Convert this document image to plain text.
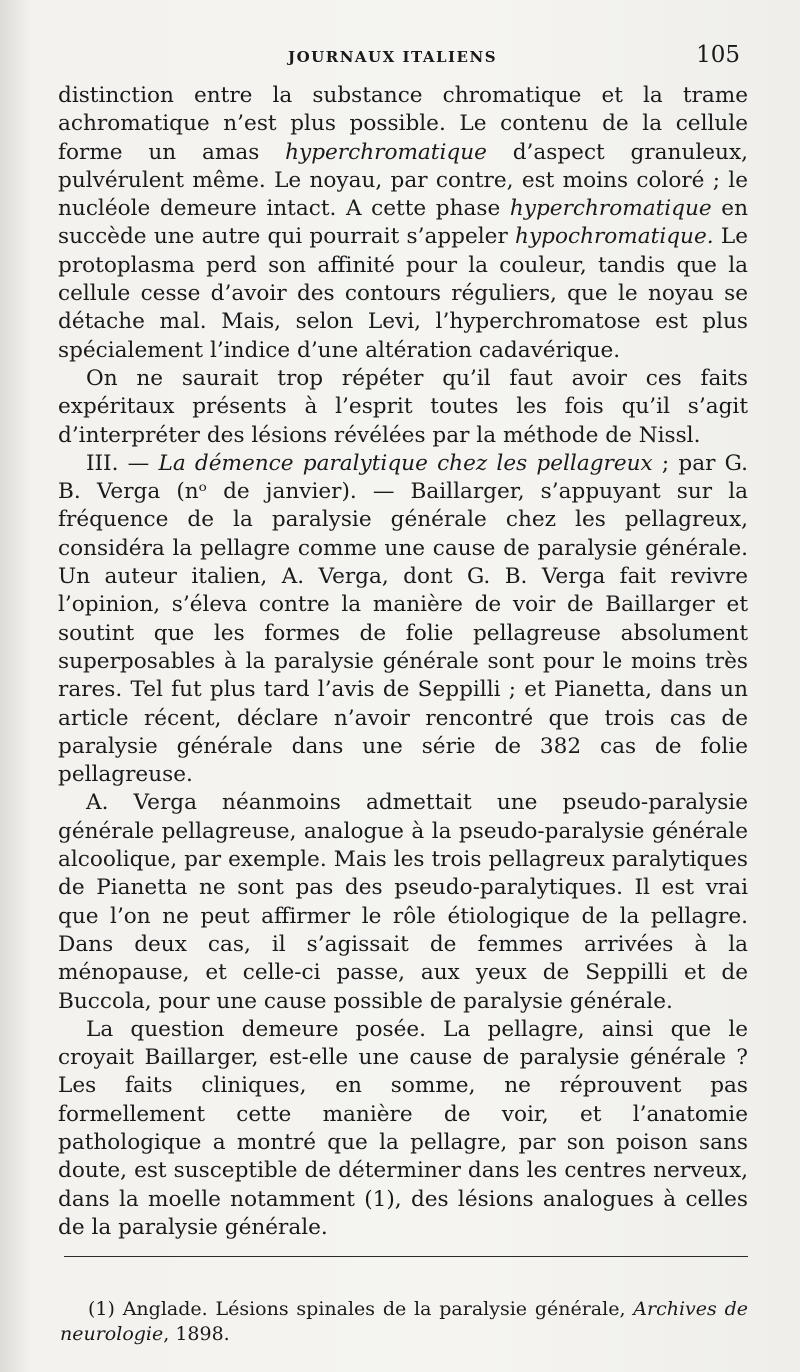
JOURNAUX ITALIENS	105

distinction entre la substance chromatique et la trame achromatique n’est plus possible. Le contenu de la cellule forme un amas hyperchromatique d’aspect granuleux, pulvérulent même. Le noyau, par contre, est moins coloré ; le nucléole demeure intact. A cette phase hyperchromatique en succède une autre qui pourrait s’appeler hypochromatique. Le protoplasma perd son affinité pour la couleur, tandis que la cellule cesse d’avoir des contours réguliers, que le noyau se détache mal. Mais, selon Levi, l’hyperchromatose est plus spécialement l’indice d’une altération cadavérique.

On ne saurait trop répéter qu’il faut avoir ces faits expéritaux présents à l’esprit toutes les fois qu’il s’agit d’interpréter des lésions révélées par la méthode de Nissl.

III. — La démence paralytique chez les pellagreux ; par G. B. Verga (nᵒ de janvier). — Baillarger, s’appuyant sur la fréquence de la paralysie générale chez les pellagreux, considéra la pellagre comme une cause de paralysie générale. Un auteur italien, A. Verga, dont G. B. Verga fait revivre l’opinion, s’éleva contre la manière de voir de Baillarger et soutint que les formes de folie pellagreuse absolument superposables à la paralysie générale sont pour le moins très rares. Tel fut plus tard l’avis de Seppilli ; et Pianetta, dans un article récent, déclare n’avoir rencontré que trois cas de paralysie générale dans une série de 382 cas de folie pellagreuse.

A. Verga néanmoins admettait une pseudo-paralysie générale pellagreuse, analogue à la pseudo-paralysie générale alcoolique, par exemple. Mais les trois pellagreux paralytiques de Pianetta ne sont pas des pseudo-paralytiques. Il est vrai que l’on ne peut affirmer le rôle étiologique de la pellagre. Dans deux cas, il s’agissait de femmes arrivées à la ménopause, et celle-ci passe, aux yeux de Seppilli et de Buccola, pour une cause possible de paralysie générale.

La question demeure posée. La pellagre, ainsi que le croyait Baillarger, est-elle une cause de paralysie générale ? Les faits cliniques, en somme, ne réprouvent pas formellement cette manière de voir, et l’anatomie pathologique a montré que la pellagre, par son poison sans doute, est susceptible de déterminer dans les centres nerveux, dans la moelle notamment (1), des lésions analogues à celles de la paralysie générale.

(1) Anglade. Lésions spinales de la paralysie générale, Archives de neurologie, 1898.
